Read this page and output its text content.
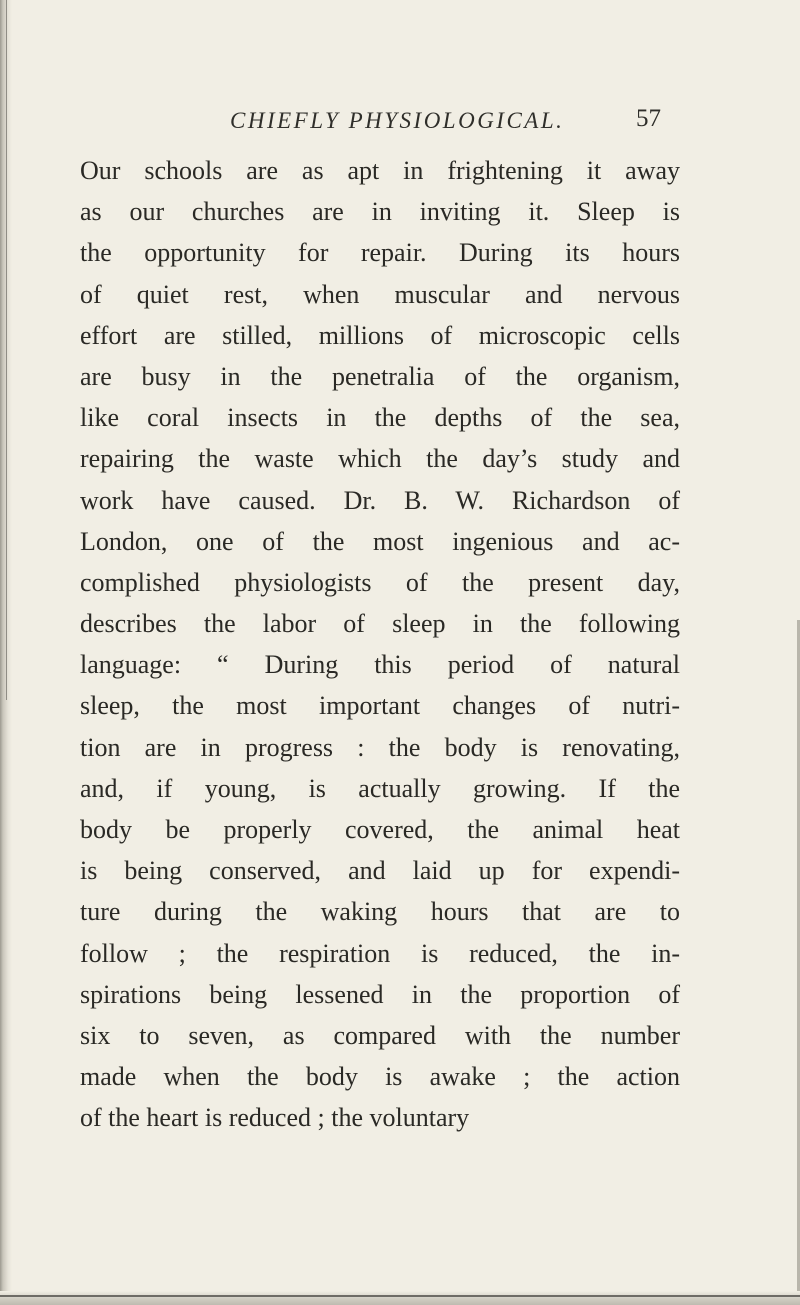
CHIEFLY PHYSIOLOGICAL.	57
Our schools are as apt in frightening it away
as our churches are in inviting it. Sleep is
the opportunity for repair. During its hours
of quiet rest, when muscular and nervous
effort are stilled, millions of microscopic cells
are busy in the penetralia of the organism,
like coral insects in the depths of the sea,
repairing the waste which the day’s study and
work have caused. Dr. B. W. Richardson of
London, one of the most ingenious and ac-
complished physiologists of the present day,
describes the labor of sleep in the following
language: “ During this period of natural
sleep, the most important changes of nutri-
tion are in progress : the body is renovating,
and, if young, is actually growing. If the
body be properly covered, the animal heat
is being conserved, and laid up for expendi-
ture during the waking hours that are to
follow ; the respiration is reduced, the in-
spirations being lessened in the proportion of
six to seven, as compared with the number
made when the body is awake ; the action
of the heart is reduced ; the voluntary
